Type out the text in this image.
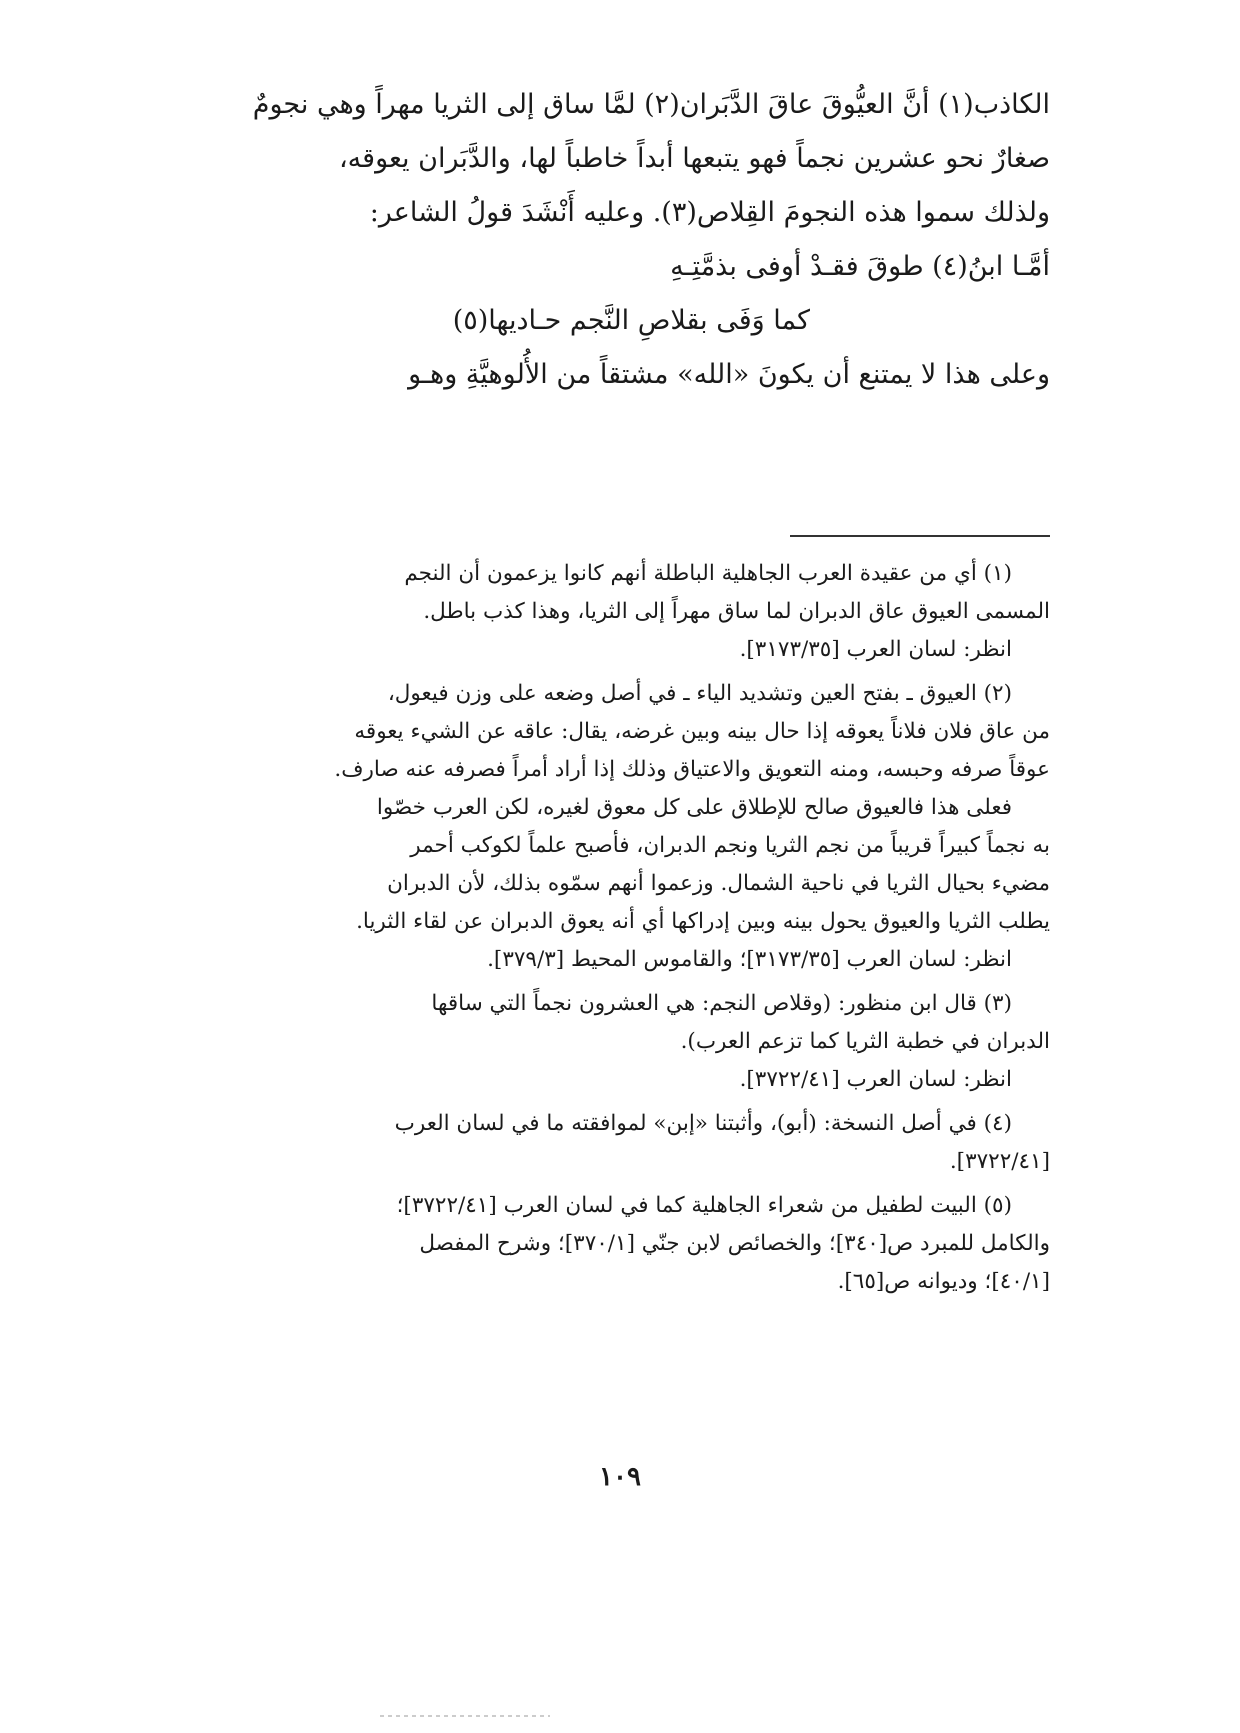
الكاذب(١) أنَّ العيُّوقَ عاقَ الدَّبَران(٢) لمَّا ساق إلى الثريا مهراً وهي نجومٌ
صغارٌ نحو عشرين نجماً فهو يتبعها أبداً خاطباً لها، والدَّبَران يعوقه،
ولذلك سموا هذه النجومَ القِلاص(٣). وعليه أَنْشَدَ قولُ الشاعر:
أمَّـا ابنُ(٤) طوقَ فقـدْ أوفى بذمَّتِـهِ
كما وَفَى بقلاصِ النَّجم حـاديها(٥)
وعلى هذا لا يمتنع أن يكونَ «الله» مشتقاً من الأُلوهيَّةِ وهـو
(١) أي من عقيدة العرب الجاهلية الباطلة أنهم كانوا يزعمون أن النجم
المسمى العيوق عاق الدبران لما ساق مهراً إلى الثريا، وهذا كذب باطل.
انظر: لسان العرب [٣١٧٣/٣٥].
(٢) العيوق ـ بفتح العين وتشديد الياء ـ في أصل وضعه على وزن فيعول،
من عاق فلان فلاناً يعوقه إذا حال بينه وبين غرضه، يقال: عاقه عن الشيء يعوقه
عوقاً صرفه وحبسه، ومنه التعويق والاعتياق وذلك إذا أراد أمراً فصرفه عنه صارف.
فعلى هذا فالعيوق صالح للإطلاق على كل معوق لغيره، لكن العرب خصّوا
به نجماً كبيراً قريباً من نجم الثريا ونجم الدبران، فأصبح علماً لكوكب أحمر
مضيء بحيال الثريا في ناحية الشمال. وزعموا أنهم سمّوه بذلك، لأن الدبران
يطلب الثريا والعيوق يحول بينه وبين إدراكها أي أنه يعوق الدبران عن لقاء الثريا.
انظر: لسان العرب [٣١٧٣/٣٥]؛ والقاموس المحيط [٣٧٩/٣].
(٣) قال ابن منظور: (وقلاص النجم: هي العشرون نجماً التي ساقها
الدبران في خطبة الثريا كما تزعم العرب).
انظر: لسان العرب [٣٧٢٢/٤١].
(٤) في أصل النسخة: (أبو)، وأثبتنا «إبن» لموافقته ما في لسان العرب
[٣٧٢٢/٤١].
(٥) البيت لطفيل من شعراء الجاهلية كما في لسان العرب [٣٧٢٢/٤١]؛
والكامل للمبرد ص[٣٤٠]؛ والخصائص لابن جنّي [٣٧٠/١]؛ وشرح المفصل
[٤٠/١]؛ وديوانه ص[٦٥].
١٠٩
